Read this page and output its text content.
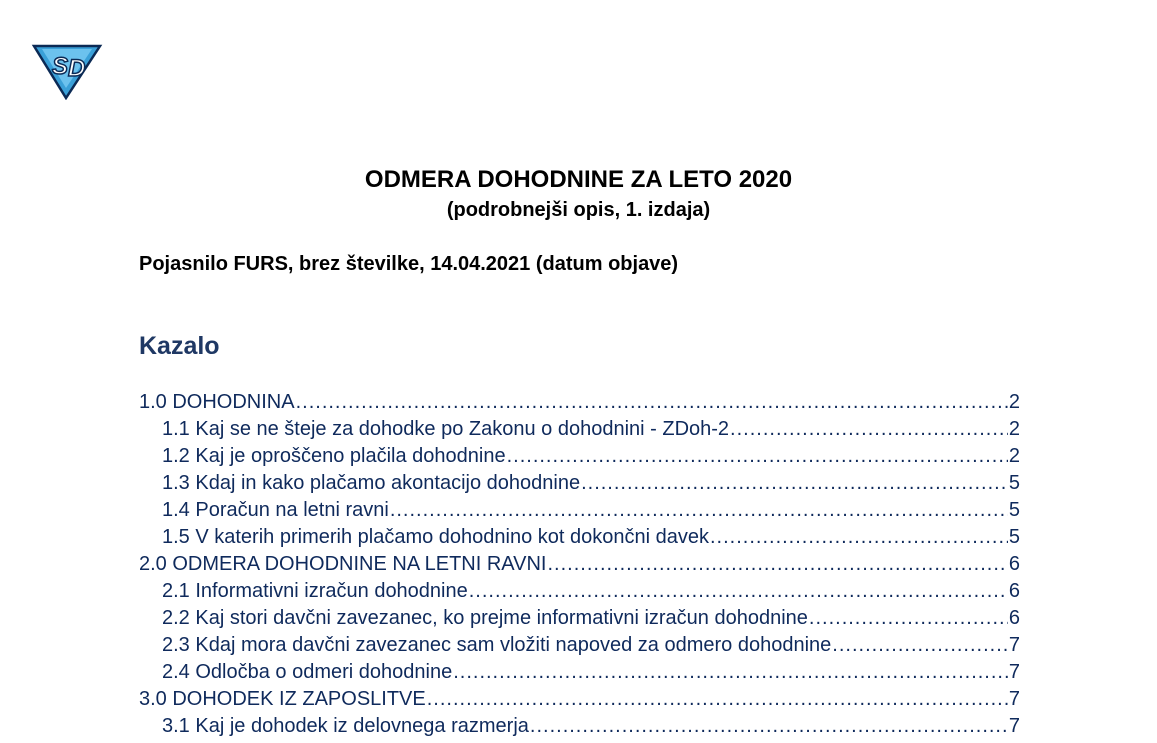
S D
ODMERA DOHODNINE ZA LETO 2020
(podrobnejši opis, 1. izdaja)
Pojasnilo FURS, brez številke, 14.04.2021 (datum objave)
Kazalo
1.0 DOHODNINA .....	2
1.1 Kaj se ne šteje za dohodke po Zakonu o dohodnini - ZDoh-2 .....	2
1.2 Kaj je oproščeno plačila dohodnine .....	2
1.3 Kdaj in kako plačamo akontacijo dohodnine .....	5
1.4 Poračun na letni ravni .....	5
1.5 V katerih primerih plačamo dohodnino kot dokončni davek .....	5
2.0 ODMERA DOHODNINE NA LETNI RAVNI .....	6
2.1 Informativni izračun dohodnine .....	6
2.2 Kaj stori davčni zavezanec, ko prejme informativni izračun dohodnine .....	6
2.3 Kdaj mora davčni zavezanec sam vložiti napoved za odmero dohodnine .....	7
2.4 Odločba o odmeri dohodnine .....	7
3.0 DOHODEK IZ ZAPOSLITVE .....	7
3.1 Kaj je dohodek iz delovnega razmerja .....	7
